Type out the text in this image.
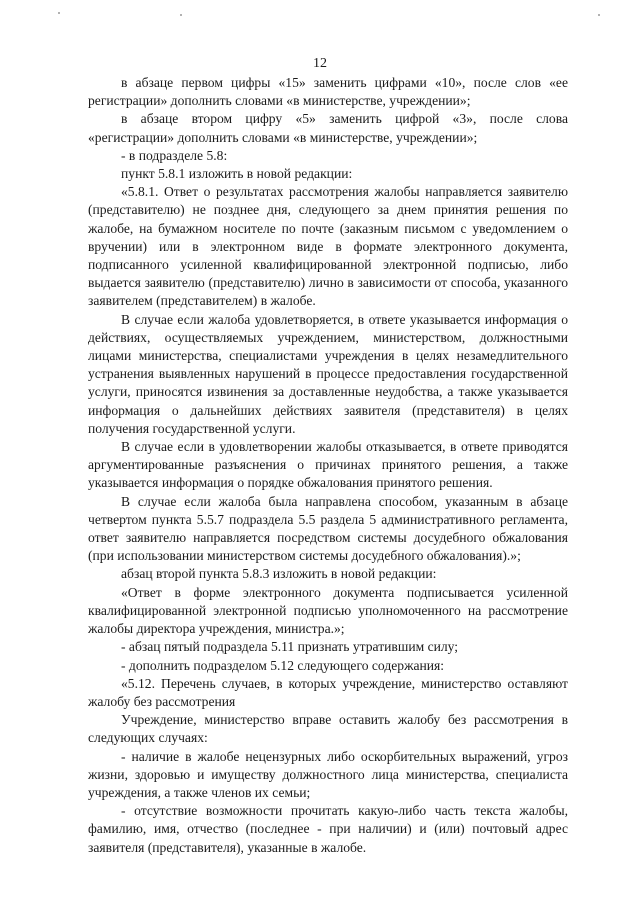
12

в абзаце первом цифры «15» заменить цифрами «10», после слов «ее регистрации» дополнить словами «в министерстве, учреждении»;

в абзаце втором цифру «5» заменить цифрой «3», после слова «регистрации» дополнить словами «в министерстве, учреждении»;

- в подразделе 5.8:

пункт 5.8.1 изложить в новой редакции:

«5.8.1. Ответ о результатах рассмотрения жалобы направляется заявителю (представителю) не позднее дня, следующего за днем принятия решения по жалобе, на бумажном носителе по почте (заказным письмом с уведомлением о вручении) или в электронном виде в формате электронного документа, подписанного усиленной квалифицированной электронной подписью, либо выдается заявителю (представителю) лично в зависимости от способа, указанного заявителем (представителем) в жалобе.

В случае если жалоба удовлетворяется, в ответе указывается информация о действиях, осуществляемых учреждением, министерством, должностными лицами министерства, специалистами учреждения в целях незамедлительного устранения выявленных нарушений в процессе предоставления государственной услуги, приносятся извинения за доставленные неудобства, а также указывается информация о дальнейших действиях заявителя (представителя) в целях получения государственной услуги.

В случае если в удовлетворении жалобы отказывается, в ответе приводятся аргументированные разъяснения о причинах принятого решения, а также указывается информация о порядке обжалования принятого решения.

В случае если жалоба была направлена способом, указанным в абзаце четвертом пункта 5.5.7 подраздела 5.5 раздела 5 административного регламента, ответ заявителю направляется посредством системы досудебного обжалования (при использовании министерством системы досудебного обжалования).»;

абзац второй пункта 5.8.3 изложить в новой редакции:

«Ответ в форме электронного документа подписывается усиленной квалифицированной электронной подписью уполномоченного на рассмотрение жалобы директора учреждения, министра.»;

- абзац пятый подраздела 5.11 признать утратившим силу;

- дополнить подразделом 5.12 следующего содержания:

«5.12. Перечень случаев, в которых учреждение, министерство оставляют жалобу без рассмотрения

Учреждение, министерство вправе оставить жалобу без рассмотрения в следующих случаях:

- наличие в жалобе нецензурных либо оскорбительных выражений, угроз жизни, здоровью и имуществу должностного лица министерства, специалиста учреждения, а также членов их семьи;

- отсутствие возможности прочитать какую-либо часть текста жалобы, фамилию, имя, отчество (последнее - при наличии) и (или) почтовый адрес заявителя (представителя), указанные в жалобе.
